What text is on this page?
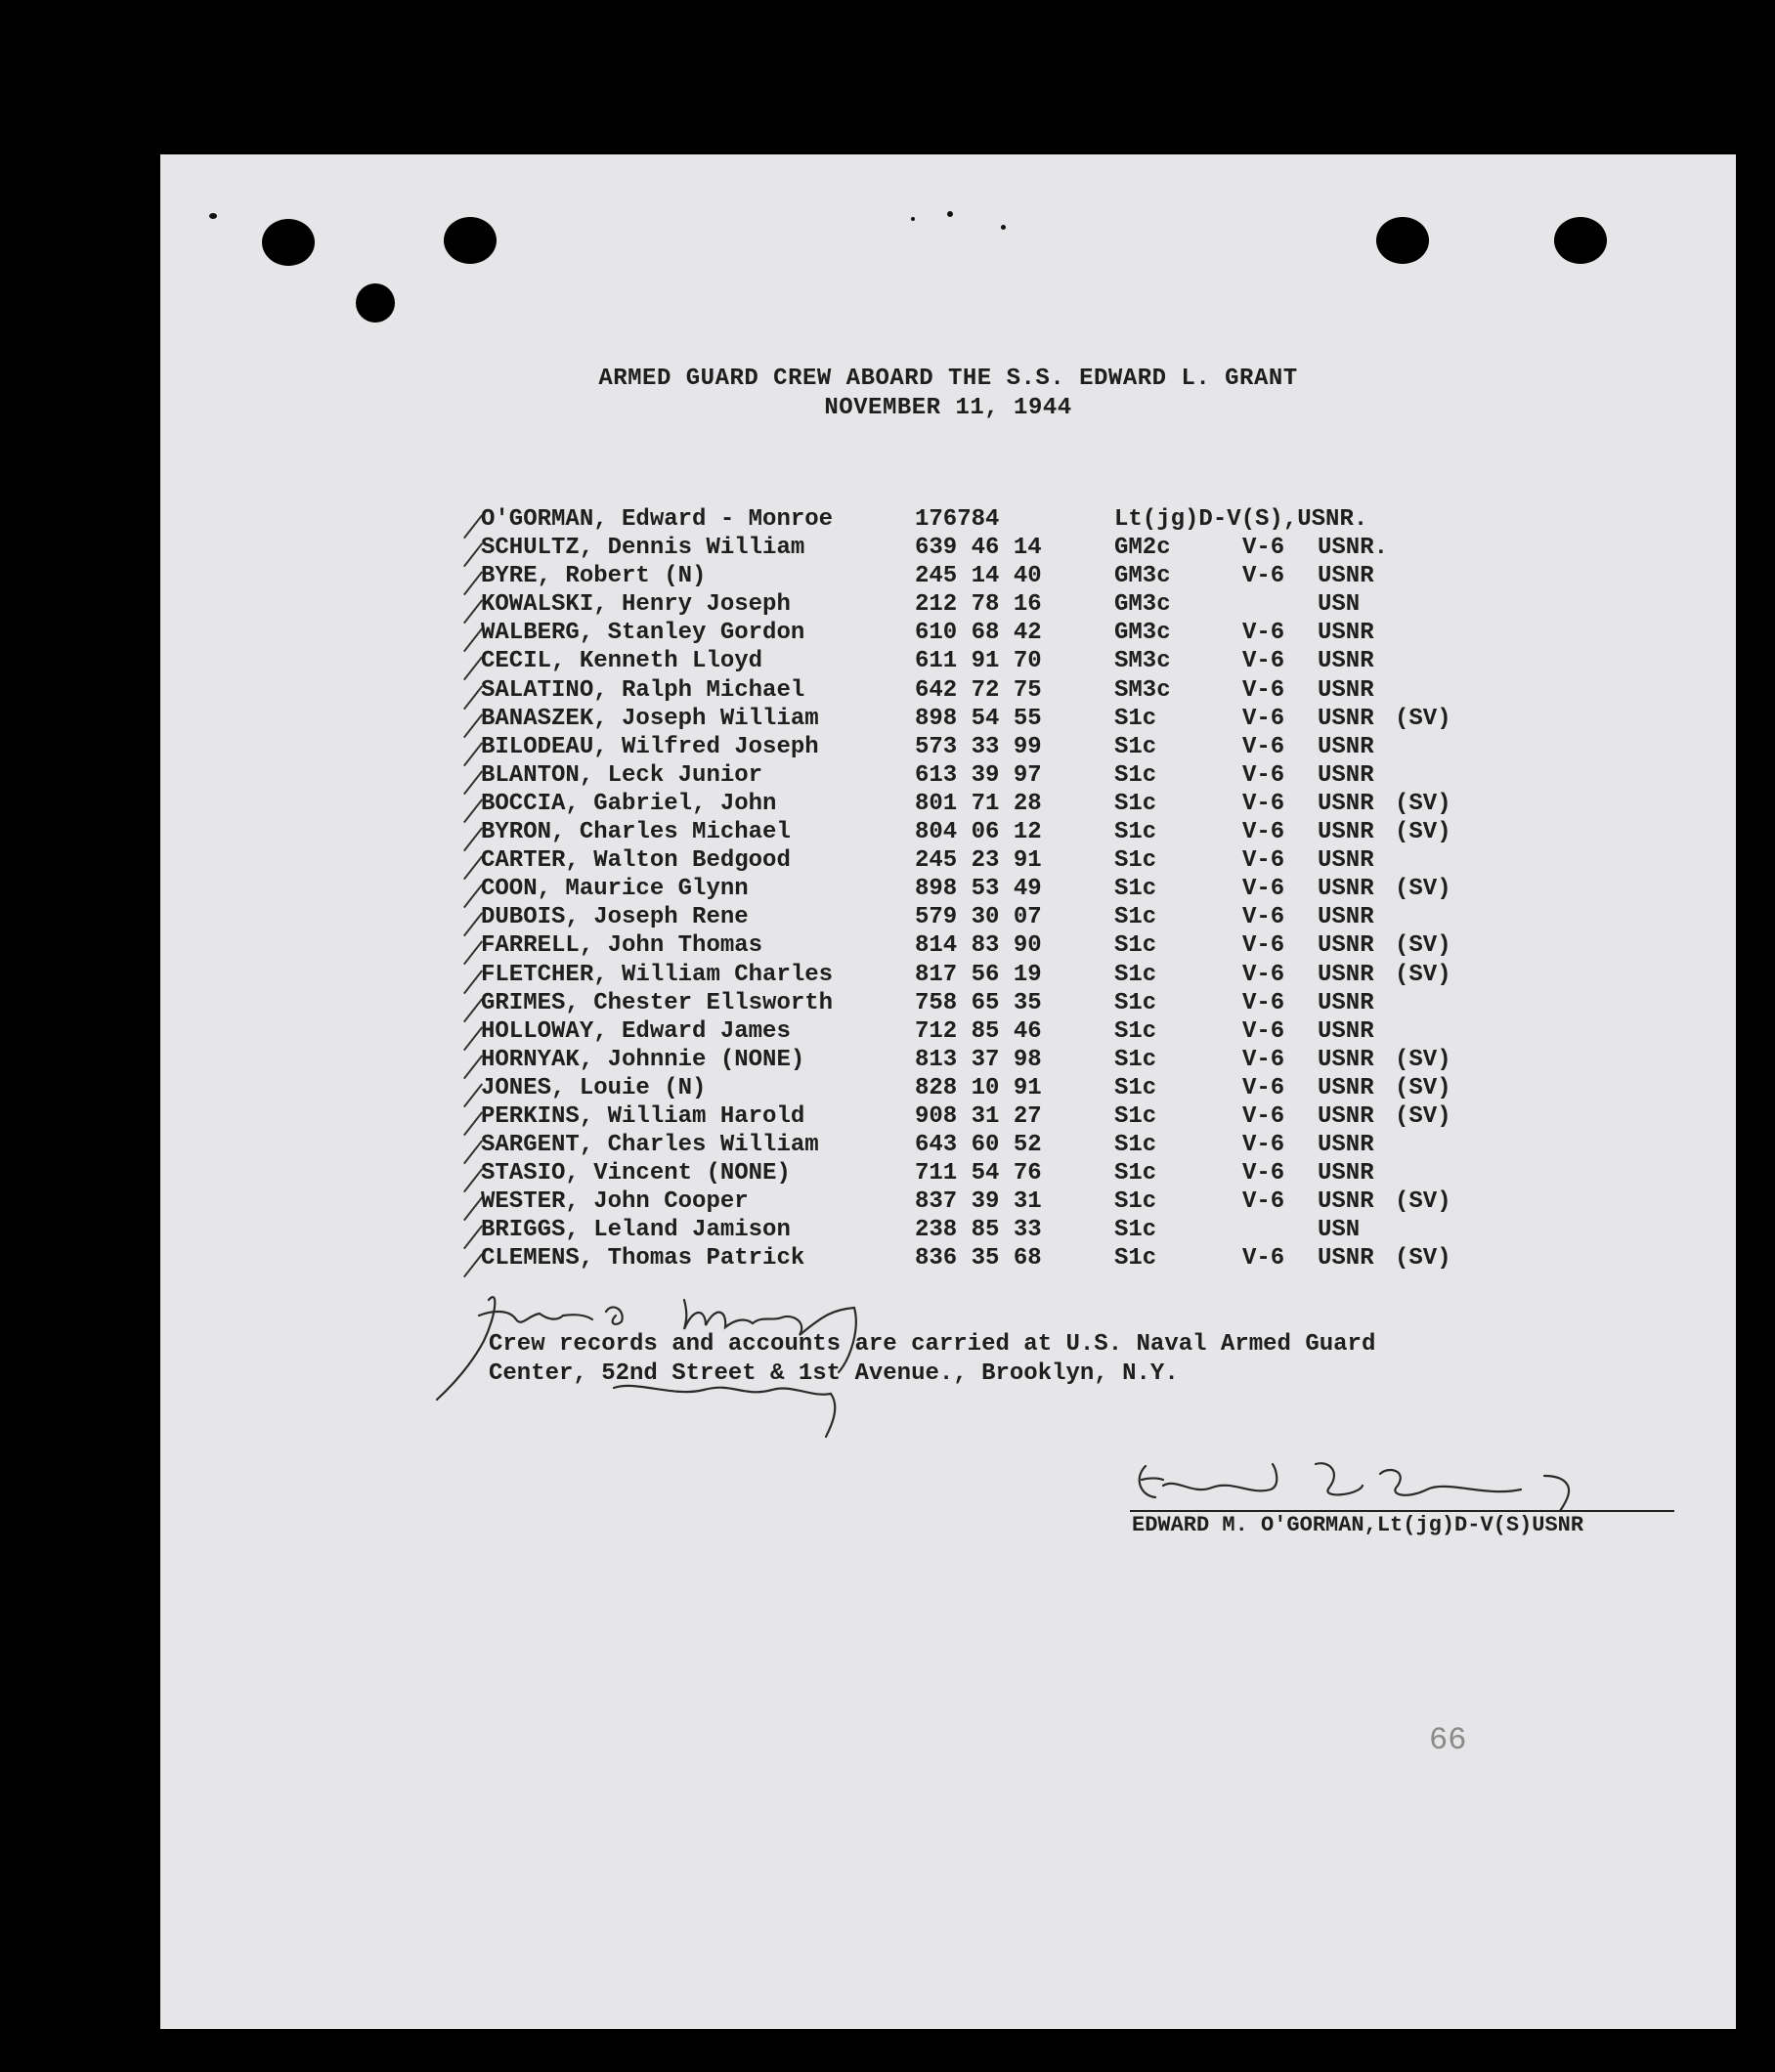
ARMED GUARD CREW ABOARD THE S.S. EDWARD L. GRANT
NOVEMBER 11, 1944
O'GORMAN, Edward - Monroe	176784	Lt(jg)D-V(S),USNR.
SCHULTZ, Dennis William	639 46 14	GM2c	V-6 USNR.
BYRE, Robert (N)	245 14 40	GM3c	V-6 USNR
KOWALSKI, Henry Joseph	212 78 16	GM3c	USN
WALBERG, Stanley Gordon	610 68 42	GM3c	V-6 USNR
CECIL, Kenneth Lloyd	611 91 70	SM3c	V-6 USNR
SALATINO, Ralph Michael	642 72 75	SM3c	V-6 USNR
BANASZEK, Joseph William	898 54 55	S1c	V-6 USNR (SV)
BILODEAU, Wilfred Joseph	573 33 99	S1c	V-6 USNR
BLANTON, Leck Junior	613 39 97	S1c	V-6 USNR
BOCCIA, Gabriel, John	801 71 28	S1c	V-6 USNR (SV)
BYRON, Charles Michael	804 06 12	S1c	V-6 USNR (SV)
CARTER, Walton Bedgood	245 23 91	S1c	V-6 USNR
COON, Maurice Glynn	898 53 49	S1c	V-6 USNR (SV)
DUBOIS, Joseph Rene	579 30 07	S1c	V-6 USNR
FARRELL, John Thomas	814 83 90	S1c	V-6 USNR (SV)
FLETCHER, William Charles	817 56 19	S1c	V-6 USNR (SV)
GRIMES, Chester Ellsworth	758 65 35	S1c	V-6 USNR
HOLLOWAY, Edward James	712 85 46	S1c	V-6 USNR
HORNYAK, Johnnie (NONE)	813 37 98	S1c	V-6 USNR (SV)
JONES, Louie (N)	828 10 91	S1c	V-6 USNR (SV)
PERKINS, William Harold	908 31 27	S1c	V-6 USNR (SV)
SARGENT, Charles William	643 60 52	S1c	V-6 USNR
STASIO, Vincent (NONE)	711 54 76	S1c	V-6 USNR
WESTER, John Cooper	837 39 31	S1c	V-6 USNR (SV)
BRIGGS, Leland Jamison	238 85 33	S1c	USN
CLEMENS, Thomas Patrick	836 35 68	S1c	V-6 USNR (SV)
Crew records and accounts are carried at U.S. Naval Armed Guard
Center, 52nd Street & 1st Avenue., Brooklyn, N.Y.
EDWARD M. O'GORMAN,Lt(jg)D-V(S)USNR
66
